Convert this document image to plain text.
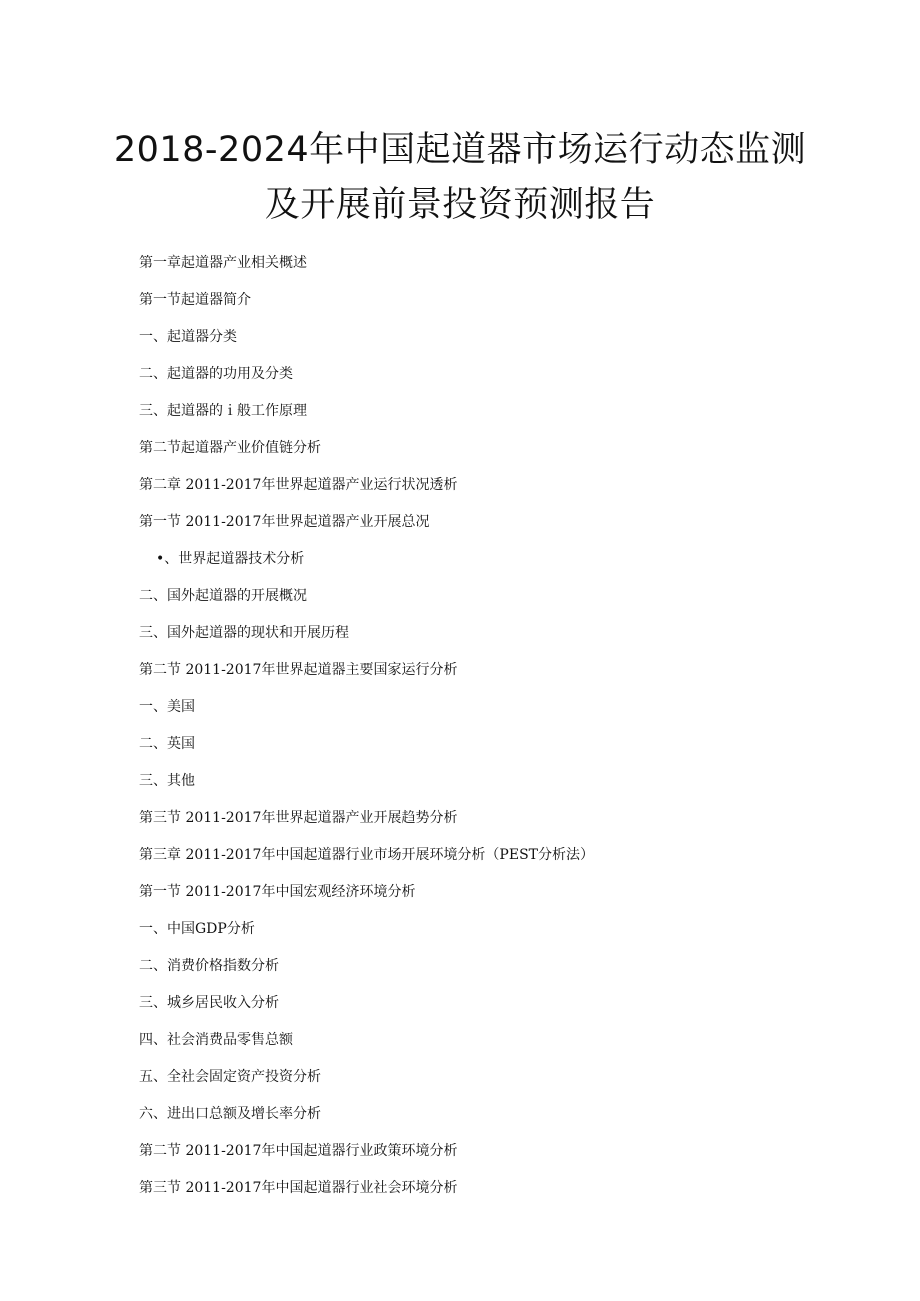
2018-2024年中国起道器市场运行动态监测
及开展前景投资预测报告
第一章起道器产业相关概述
第一节起道器简介
一、起道器分类
二、起道器的功用及分类
三、起道器的ｉ般工作原理
第二节起道器产业价值链分析
第二章 2011-2017年世界起道器产业运行状况透析
第一节 2011-2017年世界起道器产业开展总况
•、世界起道器技术分析
二、国外起道器的开展概况
三、国外起道器的现状和开展历程
第二节 2011-2017年世界起道器主要国家运行分析
一、美国
二、英国
三、其他
第三节 2011-2017年世界起道器产业开展趋势分析
第三章 2011-2017年中国起道器行业市场开展环境分析（PEST分析法）
第一节 2011-2017年中国宏观经济环境分析
一、中国GDP分析
二、消费价格指数分析
三、城乡居民收入分析
四、社会消费品零售总额
五、全社会固定资产投资分析
六、进出口总额及增长率分析
第二节 2011-2017年中国起道器行业政策环境分析
第三节 2011-2017年中国起道器行业社会环境分析
